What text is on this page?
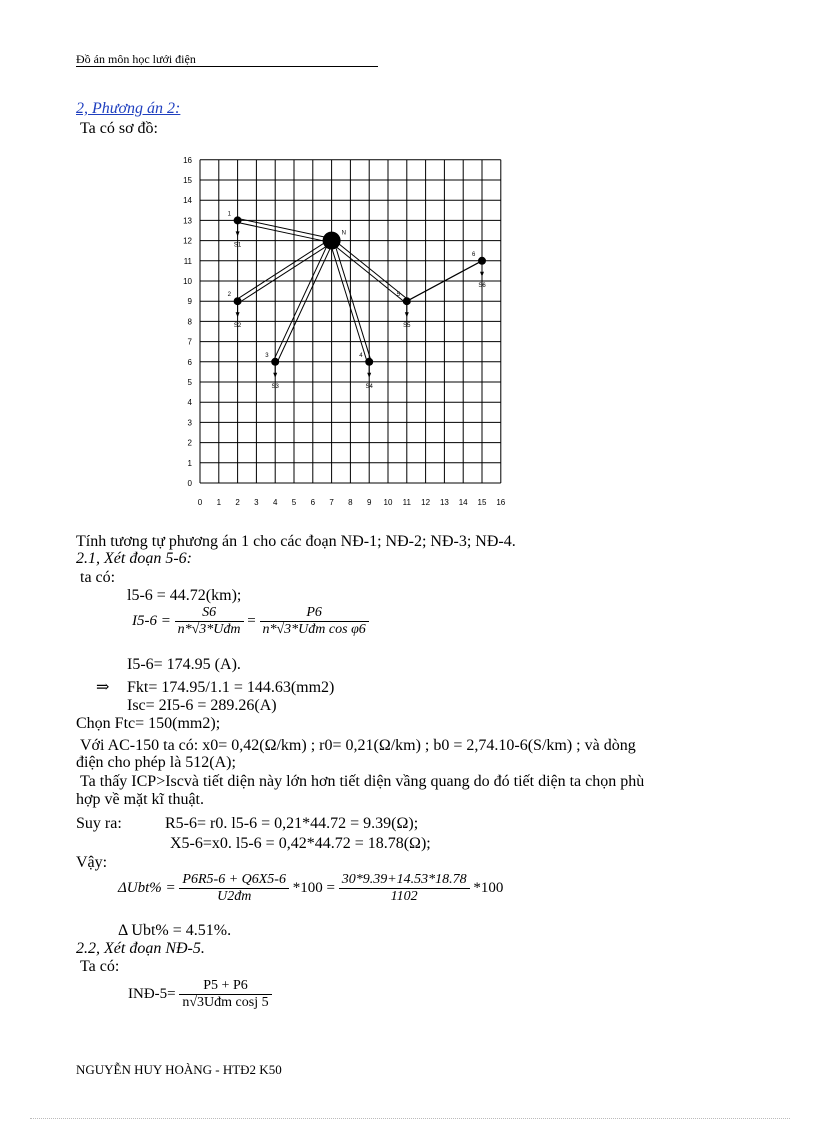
Đồ án môn học lưới điện
2, Phương án 2:
Ta có sơ đồ:
0 1 2 3 4 5 6 7 8 9 10 11 12 13 14 15 16
0
1
2
3
4
5
6
7
8
9
10
11
12
13
14
15
16
N
1
S1
2
S2
3
S3
4
S4
5
S5
6
S6
Tính tương tự phương án 1 cho các đoạn NĐ-1; NĐ-2; NĐ-3; NĐ-4.
2.1, Xét đoạn 5-6:
ta có:
l5-6 = 44.72(km);
$I5-6 = \frac{S6}{\text{n*√3*Uđm}} = \frac{P6}{\text{n*√3*Uđm cos φ6}}$
I5-6= 174.95 (A).
⇒ Fkt= 174.95/1.1 = 144.63(mm2)
Isc= 2I5-6 = 289.26(A)
Chọn Ftc= 150(mm2);
Với AC-150 ta có: x0= 0,42(Ω/km) ; r0= 0,21(Ω/km) ; b0 = 2,74.10-6(S/km) ; và dòng
điện cho phép là 512(A);
Ta thấy ICP>Iscvà tiết diện này lớn hơn tiết diện vầng quang do đó tiết diện ta chọn phù
hợp về mặt kĩ thuật.
Suy ra:	R5-6= r0. l5-6 = 0,21*44.72 = 9.39(Ω);
X5-6=x0. l5-6 = 0,42*44.72 = 18.78(Ω);
Vậy:
$\Delta Ubt\% = \frac{P6R5-6 + Q6X5-6}{U2đm} *100 = \frac{30*9.39+14.53*18.78}{1102} *100$
Δ Ubt% = 4.51%.
2.2, Xét đoạn NĐ-5.
Ta có:
INĐ-5= $\frac{P5 + P6}{\text{n√3Uđm cosj 5}}$
NGUYỄN HUY HOÀNG - HTĐ2 K50
